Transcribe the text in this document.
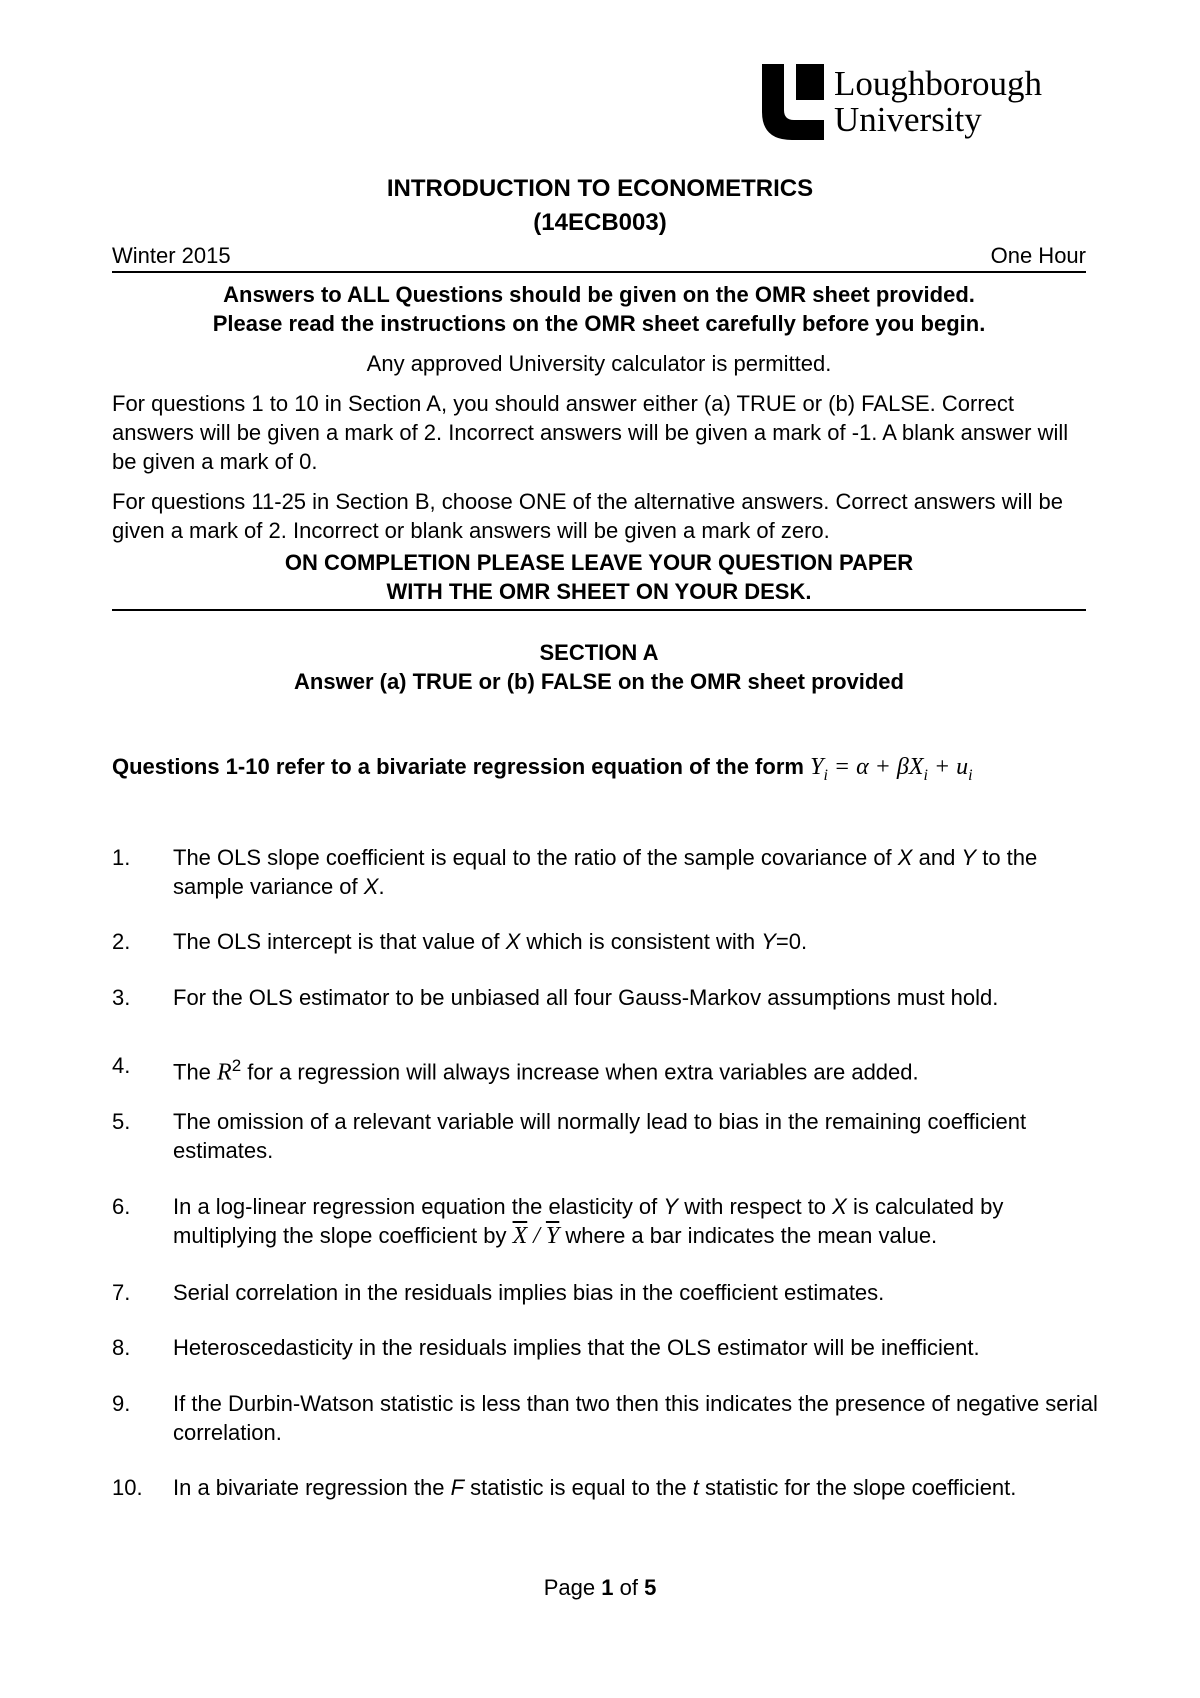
Loughborough
University
INTRODUCTION TO ECONOMETRICS
(14ECB003)
Winter 2015	One Hour
Answers to ALL Questions should be given on the OMR sheet provided.
Please read the instructions on the OMR sheet carefully before you begin.
Any approved University calculator is permitted.
For questions 1 to 10 in Section A, you should answer either (a) TRUE or (b) FALSE. Correct answers will be given a mark of 2. Incorrect answers will be given a mark of -1. A blank answer will be given a mark of 0.
For questions 11-25 in Section B, choose ONE of the alternative answers. Correct answers will be given a mark of 2. Incorrect or blank answers will be given a mark of zero.
ON COMPLETION PLEASE LEAVE YOUR QUESTION PAPER
WITH THE OMR SHEET ON YOUR DESK.
SECTION A
Answer (a) TRUE or (b) FALSE on the OMR sheet provided
Questions 1-10 refer to a bivariate regression equation of the form $Y_i = \alpha + \beta X_i + u_i$
1.	The OLS slope coefficient is equal to the ratio of the sample covariance of X and Y to the sample variance of X.
2.	The OLS intercept is that value of X which is consistent with Y=0.
3.	For the OLS estimator to be unbiased all four Gauss-Markov assumptions must hold.
4.	The $R^2$ for a regression will always increase when extra variables are added.
5.	The omission of a relevant variable will normally lead to bias in the remaining coefficient estimates.
6.	In a log-linear regression equation the elasticity of Y with respect to X is calculated by multiplying the slope coefficient by $\overline{X} / \overline{Y}$ where a bar indicates the mean value.
7.	Serial correlation in the residuals implies bias in the coefficient estimates.
8.	Heteroscedasticity in the residuals implies that the OLS estimator will be inefficient.
9.	If the Durbin-Watson statistic is less than two then this indicates the presence of negative serial correlation.
10.	In a bivariate regression the F statistic is equal to the t statistic for the slope coefficient.
Page 1 of 5
